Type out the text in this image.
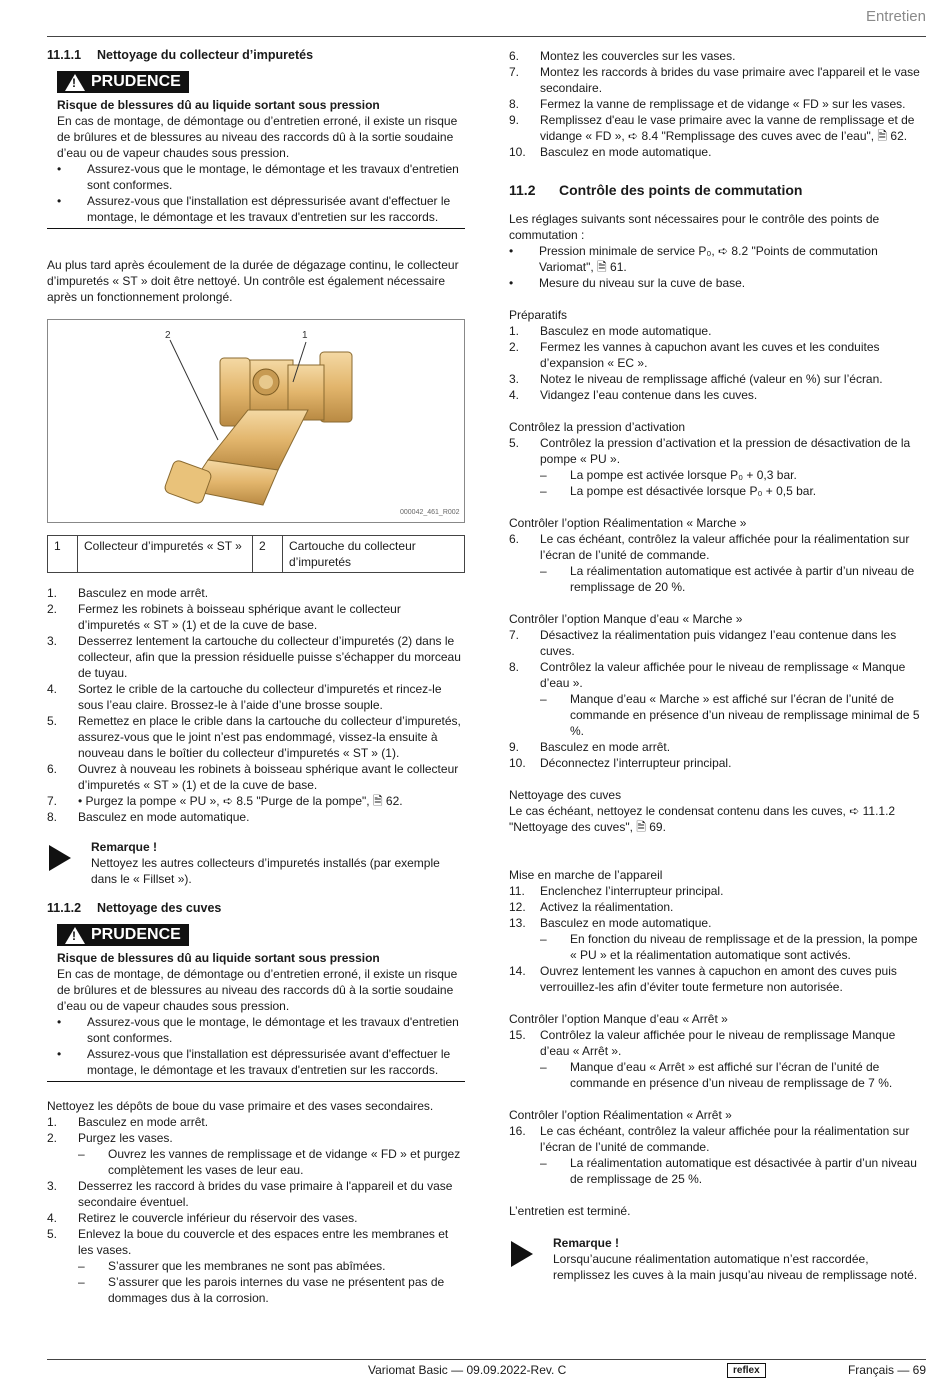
Entretien
11.1.1	Nettoyage du collecteur d’impuretés
!
PRUDENCE

Risque de blessures dû au liquide sortant sous pression

En cas de montage, de démontage ou d’entretien erroné, il existe un risque de brûlures et de blessures au niveau des raccords dû à la sortie soudaine d’eau ou de vapeur chaudes sous pression.

•	Assurez-vous que le montage, le démontage et les travaux d'entretien sont conformes.
•	Assurez-vous que l'installation est dépressurisée avant d'effectuer le montage, le démontage et les travaux d'entretien sur les raccords.

Au plus tard après écoulement de la durée de dégazage continu, le collecteur d’impuretés « ST » doit être nettoyé. Un contrôle est également nécessaire après un fonctionnement prolongé.

2	1
000042_461_R002
1	Collecteur d’impuretés « ST »	2	Cartouche du collecteur d’impuretés
1.	Basculez en mode arrêt.
2.	Fermez les robinets à boisseau sphérique avant le collecteur d’impuretés « ST » (1) et de la cuve de base.
3.	Desserrez lentement la cartouche du collecteur d’impuretés (2) dans le collecteur, afin que la pression résiduelle puisse s’échapper du morceau de tuyau.
4.	Sortez le crible de la cartouche du collecteur d’impuretés et rincez-le sous l’eau claire. Brossez-le à l’aide d’une brosse souple.
5.	Remettez en place le crible dans la cartouche du collecteur d’impuretés, assurez-vous que le joint n’est pas endommagé, vissez-la ensuite à nouveau dans le boîtier du collecteur d’impuretés « ST » (1).
6.	Ouvrez à nouveau les robinets à boisseau sphérique avant le collecteur d’impuretés « ST » (1) et de la cuve de base.
7.	• Purgez la pompe « PU », ➪ 8.5 "Purge de la pompe", 🗎 62.
8.	Basculez en mode automatique.

Remarque !

Nettoyez les autres collecteurs d’impuretés installés (par exemple dans le « Fillset »).

11.1.2	Nettoyage des cuves
!
PRUDENCE

Risque de blessures dû au liquide sortant sous pression

En cas de montage, de démontage ou d’entretien erroné, il existe un risque de brûlures et de blessures au niveau des raccords dû à la sortie soudaine d’eau ou de vapeur chaudes sous pression.

•	Assurez-vous que le montage, le démontage et les travaux d'entretien sont conformes.
•	Assurez-vous que l'installation est dépressurisée avant d'effectuer le montage, le démontage et les travaux d'entretien sur les raccords.

Nettoyez les dépôts de boue du vase primaire et des vases secondaires.

1.	Basculez en mode arrêt.
2.	Purgez les vases.
–	Ouvrez les vannes de remplissage et de vidange « FD » et purgez complètement les vases de leur eau.
3.	Desserrez les raccord à brides du vase primaire à l'appareil et du vase secondaire éventuel.
4.	Retirez le couvercle inférieur du réservoir des vases.
5.	Enlevez la boue du couvercle et des espaces entre les membranes et les vases.
–	S’assurer que les membranes ne sont pas abîmées.
–	S’assurer que les parois internes du vase ne présentent pas de dommages dus à la corrosion.
6.	Montez les couvercles sur les vases.
7.	Montez les raccords à brides du vase primaire avec l'appareil et le vase secondaire.
8.	Fermez la vanne de remplissage et de vidange « FD » sur les vases.
9.	Remplissez d'eau le vase primaire avec la vanne de remplissage et de vidange « FD », ➪ 8.4 "Remplissage des cuves avec de l’eau", 🗎 62.
10.	Basculez en mode automatique.
11.2	Contrôle des points de commutation

Les réglages suivants sont nécessaires pour le contrôle des points de commutation :

•	Pression minimale de service P₀, ➪ 8.2 "Points de commutation Variomat", 🗎 61.
•	Mesure du niveau sur la cuve de base.

Préparatifs

1.	Basculez en mode automatique.
2.	Fermez les vannes à capuchon avant les cuves et les conduites d’expansion « EC ».
3.	Notez le niveau de remplissage affiché (valeur en %) sur l’écran.
4.	Vidangez l’eau contenue dans les cuves.

Contrôlez la pression d’activation

5.	Contrôlez la pression d’activation et la pression de désactivation de la pompe « PU ».
–	La pompe est activée lorsque P₀ + 0,3 bar.
–	La pompe est désactivée lorsque P₀ + 0,5 bar.

Contrôler l’option Réalimentation « Marche »

6.	Le cas échéant, contrôlez la valeur affichée pour la réalimentation sur l’écran de l’unité de commande.
–	La réalimentation automatique est activée à partir d’un niveau de remplissage de 20 %.

Contrôler l’option Manque d’eau « Marche »

7.	Désactivez la réalimentation puis vidangez l’eau contenue dans les cuves.
8.	Contrôlez la valeur affichée pour le niveau de remplissage « Manque d’eau ».
–	Manque d’eau « Marche » est affiché sur l’écran de l’unité de commande en présence d’un niveau de remplissage minimal de 5 %.
9.	Basculez en mode arrêt.
10.	Déconnectez l’interrupteur principal.

Nettoyage des cuves

Le cas échéant, nettoyez le condensat contenu dans les cuves, ➪ 11.1.2 "Nettoyage des cuves", 🗎 69.

Mise en marche de l’appareil

11.	Enclenchez l’interrupteur principal.
12.	Activez la réalimentation.
13.	Basculez en mode automatique.
–	En fonction du niveau de remplissage et de la pression, la pompe « PU » et la réalimentation automatique sont activés.
14.	Ouvrez lentement les vannes à capuchon en amont des cuves puis verrouillez-les afin d’éviter toute fermeture non autorisée.

Contrôler l’option Manque d’eau « Arrêt »

15.	Contrôlez la valeur affichée pour le niveau de remplissage Manque d’eau « Arrêt ».
–	Manque d’eau « Arrêt » est affiché sur l’écran de l’unité de commande en présence d’un niveau de remplissage de 7 %.

Contrôler l’option Réalimentation « Arrêt »

16.	Le cas échéant, contrôlez la valeur affichée pour la réalimentation sur l’écran de l’unité de commande.
–	La réalimentation automatique est désactivée à partir d’un niveau de remplissage de 25 %.

L’entretien est terminé.

Remarque !

Lorsqu’aucune réalimentation automatique n’est raccordée, remplissez les cuves à la main jusqu’au niveau de remplissage noté.

Variomat Basic — 09.09.2022-Rev. C	reflex	Français — 69
